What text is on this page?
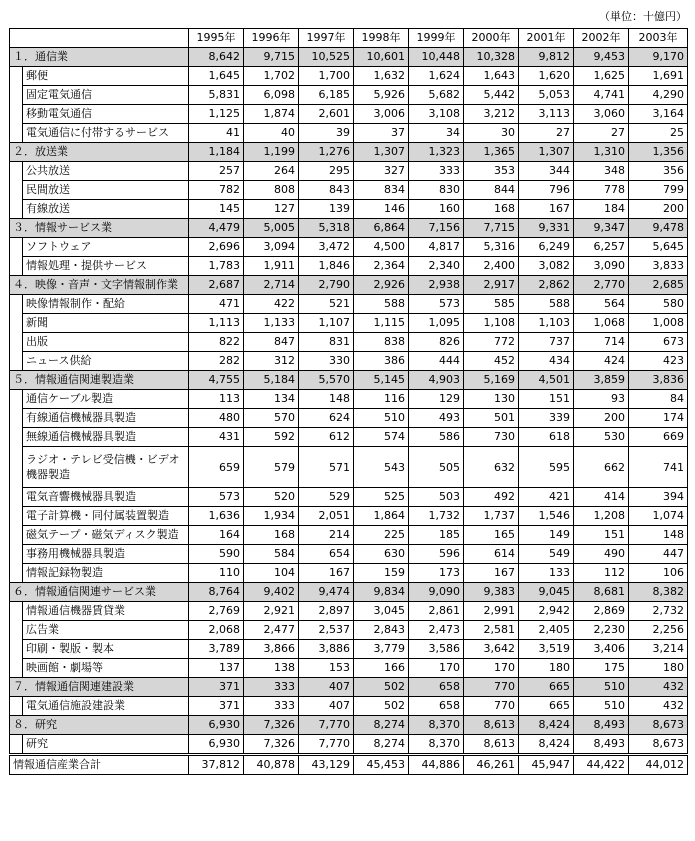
（単位：十億円）
		1995年	1996年	1997年	1998年	1999年	2000年	2001年	2002年	2003年
１．通信業		8,642	9,715	10,525	10,601	10,448	10,328	9,812	9,453	9,170
	郵便	1,645	1,702	1,700	1,632	1,624	1,643	1,620	1,625	1,691
	固定電気通信	5,831	6,098	6,185	5,926	5,682	5,442	5,053	4,741	4,290
	移動電気通信	1,125	1,874	2,601	3,006	3,108	3,212	3,113	3,060	3,164
	電気通信に付帯するサービス	41	40	39	37	34	30	27	27	25
２．放送業		1,184	1,199	1,276	1,307	1,323	1,365	1,307	1,310	1,356
	公共放送	257	264	295	327	333	353	344	348	356
	民間放送	782	808	843	834	830	844	796	778	799
	有線放送	145	127	139	146	160	168	167	184	200
３．情報サービス業		4,479	5,005	5,318	6,864	7,156	7,715	9,331	9,347	9,478
	ソフトウェア	2,696	3,094	3,472	4,500	4,817	5,316	6,249	6,257	5,645
	情報処理・提供サービス	1,783	1,911	1,846	2,364	2,340	2,400	3,082	3,090	3,833
４．映像・音声・文字情報制作業		2,687	2,714	2,790	2,926	2,938	2,917	2,862	2,770	2,685
	映像情報制作・配給	471	422	521	588	573	585	588	564	580
	新聞	1,113	1,133	1,107	1,115	1,095	1,108	1,103	1,068	1,008
	出版	822	847	831	838	826	772	737	714	673
	ニュース供給	282	312	330	386	444	452	434	424	423
５．情報通信関連製造業		4,755	5,184	5,570	5,145	4,903	5,169	4,501	3,859	3,836
	通信ケーブル製造	113	134	148	116	129	130	151	93	84
	有線通信機械器具製造	480	570	624	510	493	501	339	200	174
	無線通信機械器具製造	431	592	612	574	586	730	618	530	669
	ラジオ・テレビ受信機・ビデオ機器製造	659	579	571	543	505	632	595	662	741
	電気音響機械器具製造	573	520	529	525	503	492	421	414	394
	電子計算機・同付属装置製造	1,636	1,934	2,051	1,864	1,732	1,737	1,546	1,208	1,074
	磁気テープ・磁気ディスク製造	164	168	214	225	185	165	149	151	148
	事務用機械器具製造	590	584	654	630	596	614	549	490	447
	情報記録物製造	110	104	167	159	173	167	133	112	106
６．情報通信関連サービス業		8,764	9,402	9,474	9,834	9,090	9,383	9,045	8,681	8,382
	情報通信機器賃貸業	2,769	2,921	2,897	3,045	2,861	2,991	2,942	2,869	2,732
	広告業	2,068	2,477	2,537	2,843	2,473	2,581	2,405	2,230	2,256
	印刷・製版・製本	3,789	3,866	3,886	3,779	3,586	3,642	3,519	3,406	3,214
	映画館・劇場等	137	138	153	166	170	170	180	175	180
７．情報通信関連建設業		371	333	407	502	658	770	665	510	432
	電気通信施設建設業	371	333	407	502	658	770	665	510	432
８．研究		6,930	7,326	7,770	8,274	8,370	8,613	8,424	8,493	8,673
	研究	6,930	7,326	7,770	8,274	8,370	8,613	8,424	8,493	8,673
情報通信産業合計		37,812	40,878	43,129	45,453	44,886	46,261	45,947	44,422	44,012
